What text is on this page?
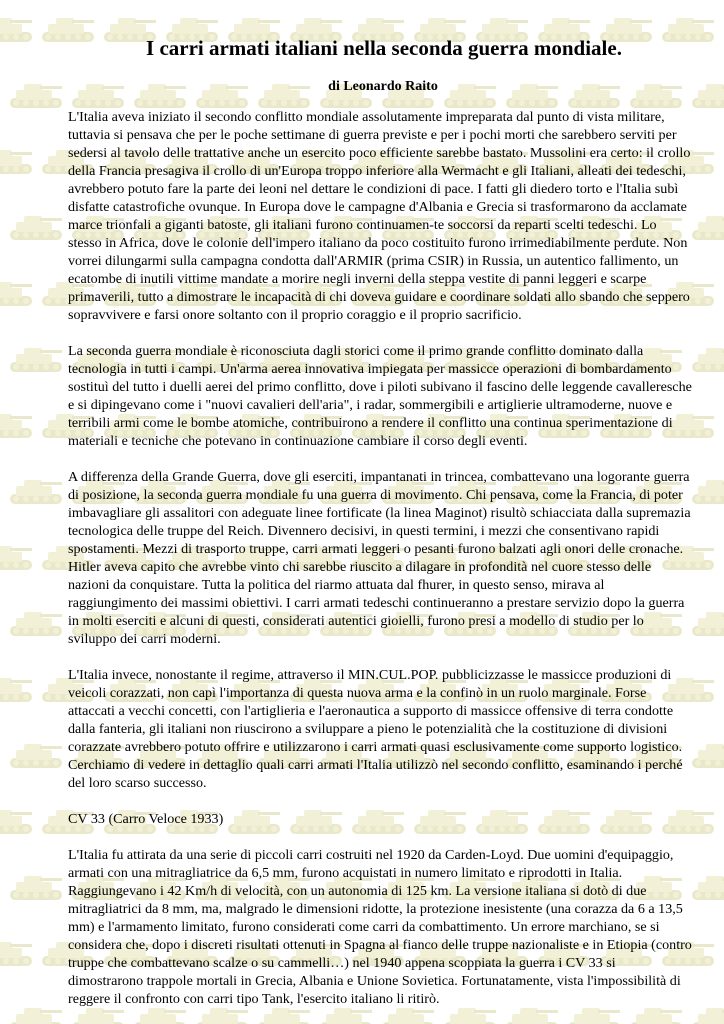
I carri armati italiani nella seconda guerra mondiale.
di Leonardo Raito

L'Italia aveva iniziato il secondo conflitto mondiale assolutamente impreparata dal punto di vista militare, tuttavia si pensava che per le poche settimane di guerra previste e per i pochi morti che sarebbero serviti per sedersi al tavolo delle trattative anche un esercito poco efficiente sarebbe bastato. Mussolini era certo: il crollo della Francia presagiva il crollo di un'Europa troppo inferiore alla Wermacht e gli Italiani, alleati dei tedeschi, avrebbero potuto fare la parte dei leoni nel dettare le condizioni di pace. I fatti gli diedero torto e l'Italia subì disfatte catastrofiche ovunque. In Europa dove le campagne d'Albania e Grecia si trasformarono da acclamate marce trionfali a giganti batoste, gli italiani furono continuamen-te soccorsi da reparti scelti tedeschi. Lo stesso in Africa, dove le colonie dell'impero italiano da poco costituito furono irrimediabilmente perdute. Non vorrei dilungarmi sulla campagna condotta dall'ARMIR (prima CSIR) in Russia, un autentico fallimento, un ecatombe di inutili vittime mandate a morire negli inverni della steppa vestite di panni leggeri e scarpe primaverili, tutto a dimostrare le incapacità di chi doveva guidare e coordinare soldati allo sbando che seppero sopravvivere e farsi onore soltanto con il proprio coraggio e il proprio sacrificio.

La seconda guerra mondiale è riconosciuta dagli storici come il primo grande conflitto dominato dalla tecnologia in tutti i campi. Un'arma aerea innovativa impiegata per massicce operazioni di bombardamento sostituì del tutto i duelli aerei del primo conflitto, dove i piloti subivano il fascino delle leggende cavalleresche e si dipingevano come i "nuovi cavalieri dell'aria", i radar, sommergibili e artiglierie ultramoderne, nuove e terribili armi come le bombe atomiche, contribuirono a rendere il conflitto una continua sperimentazione di materiali e tecniche che potevano in continuazione cambiare il corso degli eventi.

A differenza della Grande Guerra, dove gli eserciti, impantanati in trincea, combattevano una logorante guerra di posizione, la seconda guerra mondiale fu una guerra di movimento. Chi pensava, come la Francia, di poter imbavagliare gli assalitori con adeguate linee fortificate (la linea Maginot) risultò schiacciata dalla supremazia tecnologica delle truppe del Reich. Divennero decisivi, in questi termini, i mezzi che consentivano rapidi spostamenti. Mezzi di trasporto truppe, carri armati leggeri o pesanti furono balzati agli onori delle cronache. Hitler aveva capito che avrebbe vinto chi sarebbe riuscito a dilagare in profondità nel cuore stesso delle nazioni da conquistare. Tutta la politica del riarmo attuata dal fhurer, in questo senso, mirava al raggiungimento dei massimi obiettivi. I carri armati tedeschi continueranno a prestare servizio dopo la guerra in molti eserciti e alcuni di questi, considerati autentici gioielli, furono presi a modello di studio per lo sviluppo dei carri moderni.

L'Italia invece, nonostante il regime, attraverso il MIN.CUL.POP. pubblicizzasse le massicce produzioni di veicoli corazzati, non capì l'importanza di questa nuova arma e la confinò in un ruolo marginale. Forse attaccati a vecchi concetti, con l'artiglieria e l'aeronautica a supporto di massicce offensive di terra condotte dalla fanteria, gli italiani non riuscirono a sviluppare a pieno le potenzialità che la costituzione di divisioni corazzate avrebbero potuto offrire e utilizzarono i carri armati quasi esclusivamente come supporto logistico. Cerchiamo di vedere in dettaglio quali carri armati l'Italia utilizzò nel secondo conflitto, esaminando i perché del loro scarso successo.

CV 33 (Carro Veloce 1933)

L'Italia fu attirata da una serie di piccoli carri costruiti nel 1920 da Carden-Loyd. Due uomini d'equipaggio, armati con una mitragliatrice da 6,5 mm, furono acquistati in numero limitato e riprodotti in Italia. Raggiungevano i 42 Km/h di velocità, con un autonomia di 125 km. La versione italiana si dotò di due mitragliatrici da 8 mm, ma, malgrado le dimensioni ridotte, la protezione inesistente (una corazza da 6 a 13,5 mm) e l'armamento limitato, furono considerati come carri da combattimento. Un errore marchiano, se si considera che, dopo i discreti risultati ottenuti in Spagna al fianco delle truppe nazionaliste e in Etiopia (contro truppe che combattevano scalze o su cammelli…) nel 1940 appena scoppiata la guerra i CV 33 si dimostrarono trappole mortali in Grecia, Albania e Unione Sovietica. Fortunatamente, vista l'impossibilità di reggere il confronto con carri tipo Tank, l'esercito italiano li ritirò.
